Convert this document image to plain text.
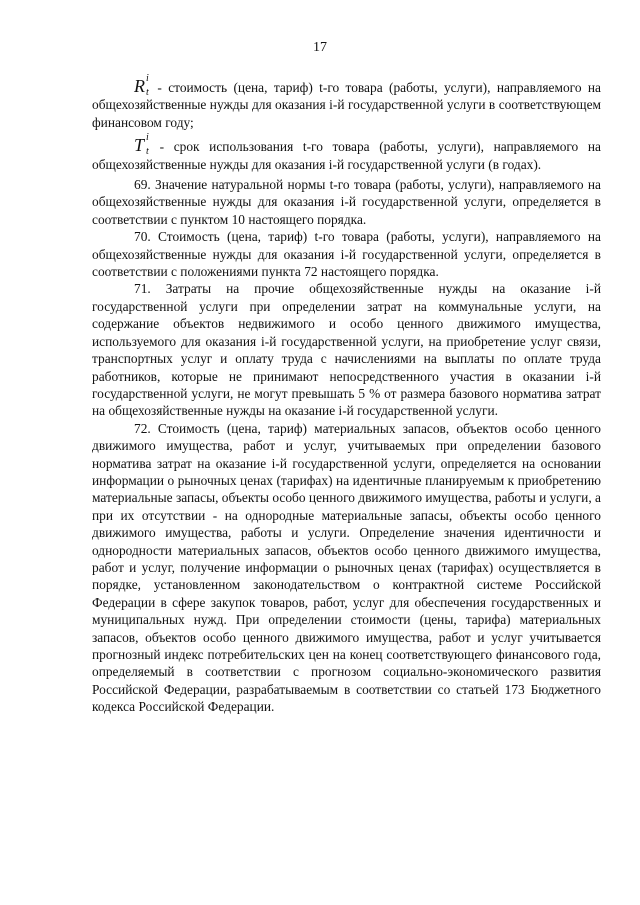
17

R i
t - стоимость (цена, тариф) t-го товара (работы, услуги), направляемого на общехозяйственные нужды для оказания i-й государственной услуги в соответствующем финансовом году;

T i
t - срок использования t-го товара (работы, услуги), направляемого на общехозяйственные нужды для оказания i-й государственной услуги (в годах).

69. Значение натуральной нормы t-го товара (работы, услуги), направляемого на общехозяйственные нужды для оказания i-й государственной услуги, определяется в соответствии с пунктом 10 настоящего порядка.

70. Стоимость (цена, тариф) t-го товара (работы, услуги), направляемого на общехозяйственные нужды для оказания i-й государственной услуги, определяется в соответствии с положениями пункта 72 настоящего порядка.

71. Затраты на прочие общехозяйственные нужды на оказание i-й государственной услуги при определении затрат на коммунальные услуги, на содержание объектов недвижимого и особо ценного движимого имущества, используемого для оказания i-й государственной услуги, на приобретение услуг связи, транспортных услуг и оплату труда с начислениями на выплаты по оплате труда работников, которые не принимают непосредственного участия в оказании i-й государственной услуги, не могут превышать 5 % от размера базового норматива затрат на общехозяйственные нужды на оказание i-й государственной услуги.

72. Стоимость (цена, тариф) материальных запасов, объектов особо ценного движимого имущества, работ и услуг, учитываемых при определении базового норматива затрат на оказание i-й государственной услуги, определяется на основании информации о рыночных ценах (тарифах) на идентичные планируемым к приобретению материальные запасы, объекты особо ценного движимого имущества, работы и услуги, а при их отсутствии - на однородные материальные запасы, объекты особо ценного движимого имущества, работы и услуги. Определение значения идентичности и однородности материальных запасов, объектов особо ценного движимого имущества, работ и услуг, получение информации о рыночных ценах (тарифах) осуществляется в порядке, установленном законодательством о контрактной системе Российской Федерации в сфере закупок товаров, работ, услуг для обеспечения государственных и муниципальных нужд. При определении стоимости (цены, тарифа) материальных запасов, объектов особо ценного движимого имущества, работ и услуг учитывается прогнозный индекс потребительских цен на конец соответствующего финансового года, определяемый в соответствии с прогнозом социально-экономического развития Российской Федерации, разрабатываемым в соответствии со статьей 173 Бюджетного кодекса Российской Федерации.
